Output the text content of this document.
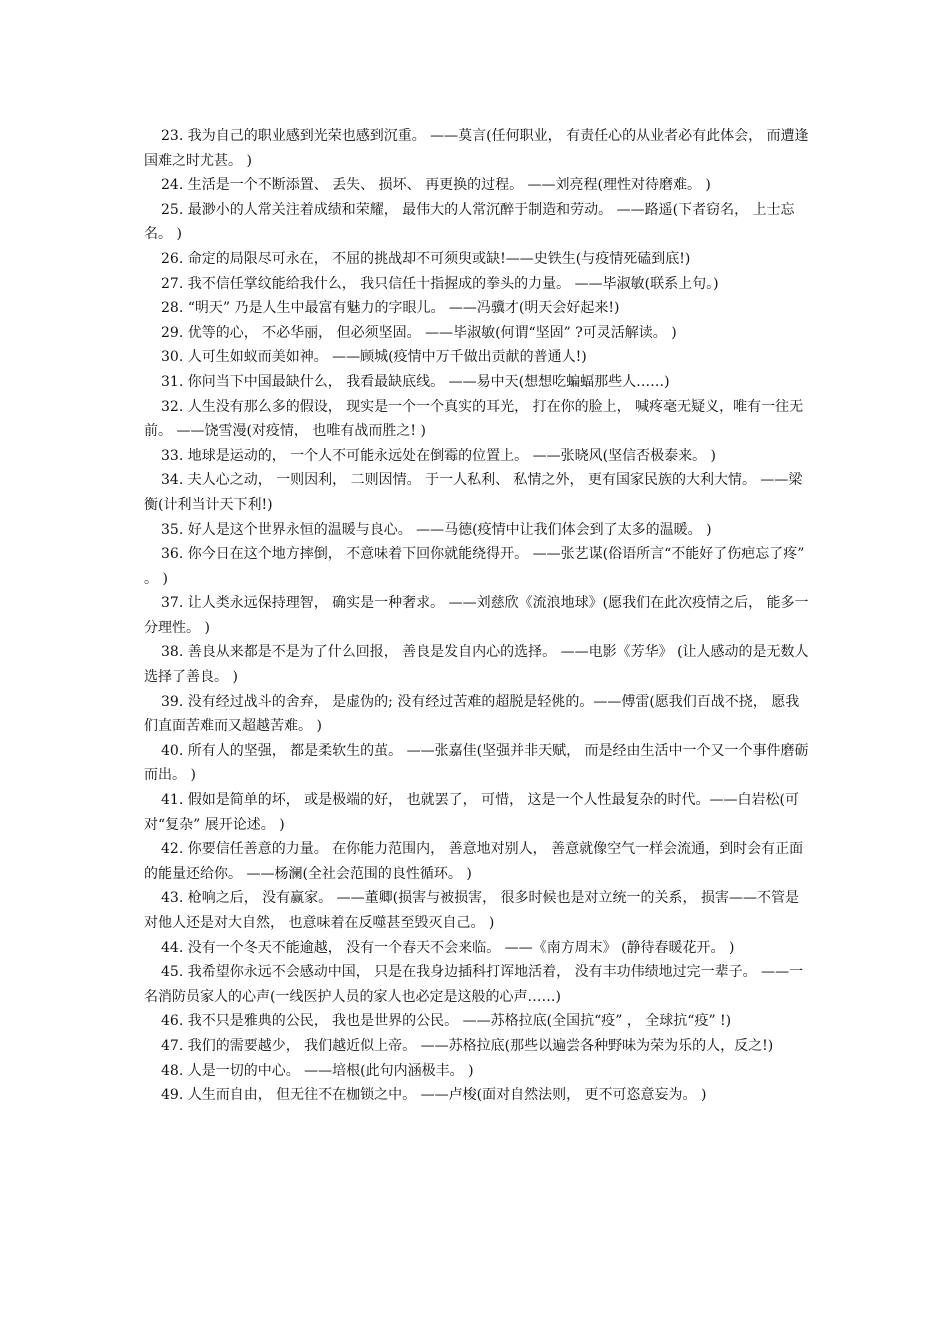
23. 我为自己的职业感到光荣也感到沉重。 ——莫言(任何职业， 有责任心的从业者必有此体会， 而遭逢国难之时尤甚。 )

24. 生活是一个不断添置、 丢失、 损坏、 再更换的过程。 ——刘亮程(理性对待磨难。 )

25. 最渺小的人常关注着成绩和荣耀， 最伟大的人常沉醉于制造和劳动。 ——路遥(下者窃名， 上士忘名。 )

26. 命定的局限尽可永在， 不屈的挑战却不可须臾或缺!——史铁生(与疫情死磕到底!)

27. 我不信任掌纹能给我什么， 我只信任十指握成的拳头的力量。 ——毕淑敏(联系上句。)

28. “明天” 乃是人生中最富有魅力的字眼儿。 ——冯骥才(明天会好起来!)

29. 优等的心， 不必华丽， 但必须坚固。 ——毕淑敏(何谓“坚固” ?可灵活解读。 )

30. 人可生如蚁而美如神。 ——顾城(疫情中万千做出贡献的普通人!)

31. 你问当下中国最缺什么， 我看最缺底线。 ——易中天(想想吃蝙蝠那些人……)

32. 人生没有那么多的假设， 现实是一个一个真实的耳光， 打在你的脸上， 喊疼毫无疑义，唯有一往无前。 ——饶雪漫(对疫情， 也唯有战而胜之! )

33. 地球是运动的， 一个人不可能永远处在倒霉的位置上。 ——张晓风(坚信否极泰来。 )

34. 夫人心之动， 一则因利， 二则因情。 于一人私利、 私情之外， 更有国家民族的大利大情。 ——梁衡(计利当计天下利!)

35. 好人是这个世界永恒的温暖与良心。 ——马德(疫情中让我们体会到了太多的温暖。 )

36. 你今日在这个地方摔倒， 不意味着下回你就能绕得开。 ——张艺谋(俗语所言“不能好了伤疤忘了疼” 。 )

37. 让人类永远保持理智， 确实是一种奢求。 ——刘慈欣《流浪地球》(愿我们在此次疫情之后， 能多一分理性。 )

38. 善良从来都是不是为了什么回报， 善良是发自内心的选择。 ——电影《芳华》 (让人感动的是无数人选择了善良。 )

39. 没有经过战斗的舍弃， 是虚伪的; 没有经过苦难的超脱是轻佻的。——傅雷(愿我们百战不挠， 愿我们直面苦难而又超越苦难。 )

40. 所有人的坚强， 都是柔软生的茧。 ——张嘉佳(坚强并非天赋， 而是经由生活中一个又一个事件磨砺而出。 )

41. 假如是简单的坏， 或是极端的好， 也就罢了， 可惜， 这是一个人性最复杂的时代。——白岩松(可对“复杂” 展开论述。 )

42. 你要信任善意的力量。 在你能力范围内， 善意地对别人， 善意就像空气一样会流通，到时会有正面的能量还给你。 ——杨澜(全社会范围的良性循环。 )

43. 枪响之后， 没有赢家。 ——董卿(损害与被损害， 很多时候也是对立统一的关系， 损害——不管是对他人还是对大自然， 也意味着在反噬甚至毁灭自己。 )

44. 没有一个冬天不能逾越， 没有一个春天不会来临。 ——《南方周末》 (静待春暖花开。 )

45. 我希望你永远不会感动中国， 只是在我身边插科打诨地活着， 没有丰功伟绩地过完一辈子。 ——一名消防员家人的心声(一线医护人员的家人也必定是这般的心声……)

46. 我不只是雅典的公民， 我也是世界的公民。 ——苏格拉底(全国抗“疫” ， 全球抗“疫” !)

47. 我们的需要越少， 我们越近似上帝。 ——苏格拉底(那些以遍尝各种野味为荣为乐的人，反之!)

48. 人是一切的中心。 ——培根(此句内涵极丰。 )

49. 人生而自由， 但无往不在枷锁之中。 ——卢梭(面对自然法则， 更不可恣意妄为。 )
